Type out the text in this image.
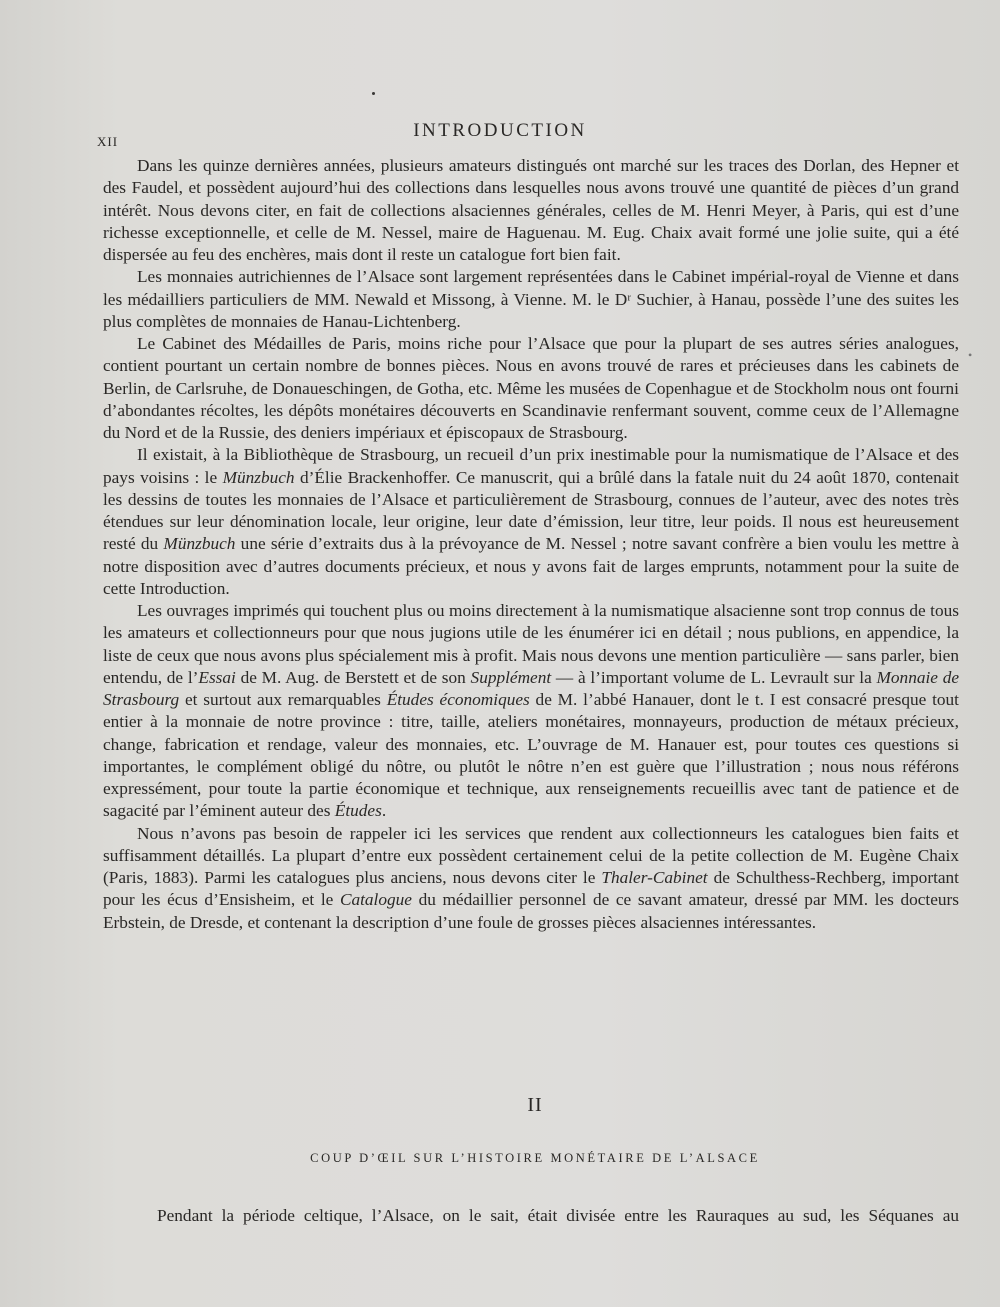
•
XII
INTRODUCTION

Dans les quinze dernières années, plusieurs amateurs distingués ont marché sur les traces des Dorlan, des Hepner et des Faudel, et possèdent aujourd’hui des collections dans lesquelles nous avons trouvé une quantité de pièces d’un grand intérêt. Nous devons citer, en fait de collections alsaciennes générales, celles de M. Henri Meyer, à Paris, qui est d’une richesse exceptionnelle, et celle de M. Nessel, maire de Haguenau. M. Eug. Chaix avait formé une jolie suite, qui a été dispersée au feu des enchères, mais dont il reste un catalogue fort bien fait.

Les monnaies autrichiennes de l’Alsace sont largement représentées dans le Cabinet impérial-royal de Vienne et dans les médailliers particuliers de MM. Newald et Missong, à Vienne. M. le Dʳ Suchier, à Hanau, possède l’une des suites les plus complètes de monnaies de Hanau-Lichtenberg.

Le Cabinet des Médailles de Paris, moins riche pour l’Alsace que pour la plupart de ses autres séries analogues, contient pourtant un certain nombre de bonnes pièces. Nous en avons trouvé de rares et précieuses dans les cabinets de Berlin, de Carlsruhe, de Donaueschingen, de Gotha, etc. Même les musées de Copenhague et de Stockholm nous ont fourni d’abondantes récoltes, les dépôts monétaires découverts en Scandinavie renfermant souvent, comme ceux de l’Allemagne du Nord et de la Russie, des deniers impériaux et épiscopaux de Strasbourg.

Il existait, à la Bibliothèque de Strasbourg, un recueil d’un prix inestimable pour la numismatique de l’Alsace et des pays voisins : le Münzbuch d’Élie Brackenhoffer. Ce manuscrit, qui a brûlé dans la fatale nuit du 24 août 1870, contenait les dessins de toutes les monnaies de l’Alsace et particulièrement de Strasbourg, connues de l’auteur, avec des notes très étendues sur leur dénomination locale, leur origine, leur date d’émission, leur titre, leur poids. Il nous est heureusement resté du Münzbuch une série d’extraits dus à la prévoyance de M. Nessel ; notre savant confrère a bien voulu les mettre à notre disposition avec d’autres documents précieux, et nous y avons fait de larges emprunts, notamment pour la suite de cette Introduction.

Les ouvrages imprimés qui touchent plus ou moins directement à la numismatique alsacienne sont trop connus de tous les amateurs et collectionneurs pour que nous jugions utile de les énumérer ici en détail ; nous publions, en appendice, la liste de ceux que nous avons plus spécialement mis à profit. Mais nous devons une mention particulière — sans parler, bien entendu, de l’Essai de M. Aug. de Berstett et de son Supplément — à l’important volume de L. Levrault sur la Monnaie de Strasbourg et surtout aux remarquables Études économiques de M. l’abbé Hanauer, dont le t. I est consacré presque tout entier à la monnaie de notre province : titre, taille, ateliers monétaires, monnayeurs, production de métaux précieux, change, fabrication et rendage, valeur des monnaies, etc. L’ouvrage de M. Hanauer est, pour toutes ces questions si importantes, le complément obligé du nôtre, ou plutôt le nôtre n’en est guère que l’illustration ; nous nous référons expressément, pour toute la partie économique et technique, aux renseignements recueillis avec tant de patience et de sagacité par l’éminent auteur des Études.

Nous n’avons pas besoin de rappeler ici les services que rendent aux collectionneurs les catalogues bien faits et suffisamment détaillés. La plupart d’entre eux possèdent certainement celui de la petite collection de M. Eugène Chaix (Paris, 1883). Parmi les catalogues plus anciens, nous devons citer le Thaler-Cabinet de Schulthess-Rechberg, important pour les écus d’Ensisheim, et le Catalogue du médaillier personnel de ce savant amateur, dressé par MM. les docteurs Erbstein, de Dresde, et contenant la description d’une foule de grosses pièces alsaciennes intéressantes.

II
COUP D’ŒIL SUR L’HISTOIRE MONÉTAIRE DE L’ALSACE

Pendant la période celtique, l’Alsace, on le sait, était divisée entre les Rauraques au sud, les Séquanes au
